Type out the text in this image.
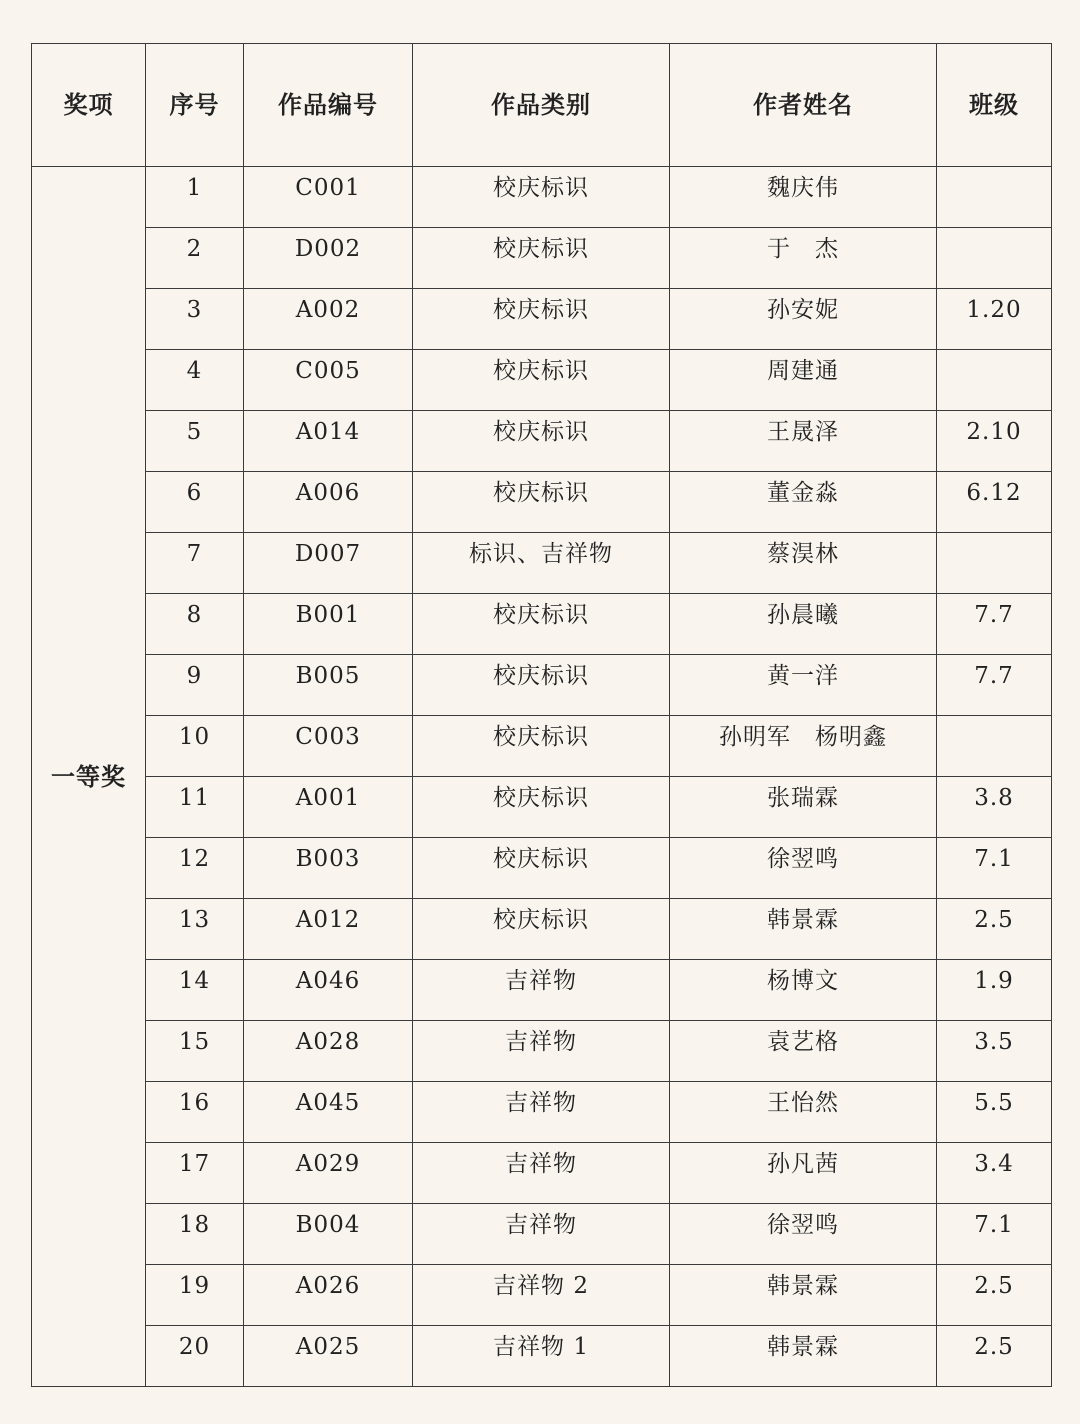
奖项	序号	作品编号	作品类别	作者姓名	班级
一等奖	1	C001	校庆标识	魏庆伟	

	2	D002	校庆标识	于　杰	

	3	A002	校庆标识	孙安妮	1.20

	4	C005	校庆标识	周建通	

	5	A014	校庆标识	王晟泽	2.10

	6	A006	校庆标识	董金淼	6.12

	7	D007	标识、吉祥物	蔡淏林	

	8	B001	校庆标识	孙晨曦	7.7

	9	B005	校庆标识	黄一洋	7.7

	10	C003	校庆标识	孙明军　杨明鑫	

	11	A001	校庆标识	张瑞霖	3.8

	12	B003	校庆标识	徐翌鸣	7.1

	13	A012	校庆标识	韩景霖	2.5

	14	A046	吉祥物	杨博文	1.9

	15	A028	吉祥物	袁艺格	3.5

	16	A045	吉祥物	王怡然	5.5

	17	A029	吉祥物	孙凡茜	3.4

	18	B004	吉祥物	徐翌鸣	7.1

	19	A026	吉祥物 2	韩景霖	2.5

	20	A025	吉祥物 1	韩景霖	2.5
